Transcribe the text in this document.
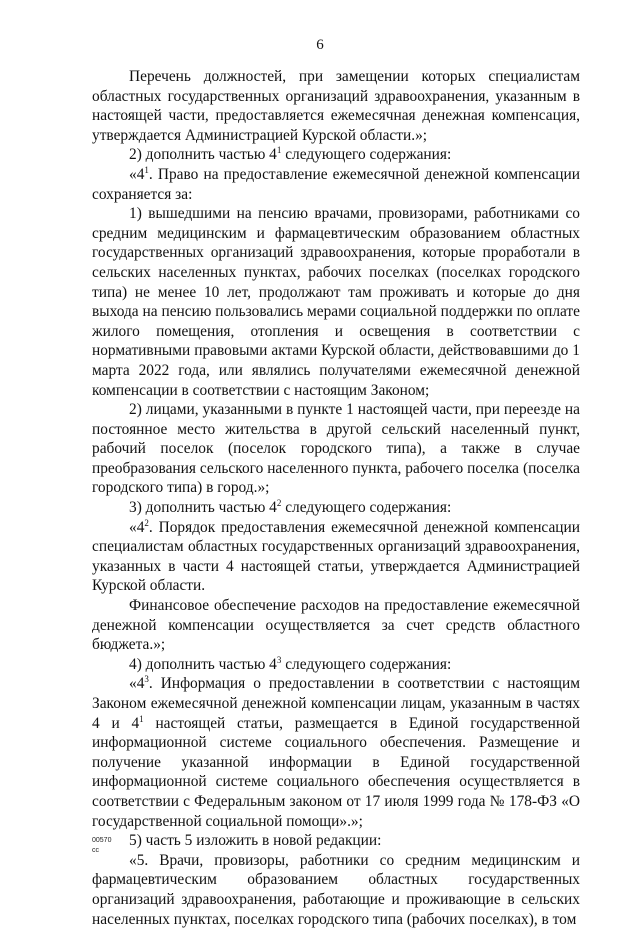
6

Перечень должностей, при замещении которых специалистам областных государственных организаций здравоохранения, указанным в настоящей части, предоставляется ежемесячная денежная компенсация, утверждается Администрацией Курской области.»;

2) дополнить частью $4^1$ следующего содержания:

«$4^1$. Право на предоставление ежемесячной денежной компенсации сохраняется за:

1) вышедшими на пенсию врачами, провизорами, работниками со средним медицинским и фармацевтическим образованием областных государственных организаций здравоохранения, которые проработали в сельских населенных пунктах, рабочих поселках (поселках городского типа) не менее 10 лет, продолжают там проживать и которые до дня выхода на пенсию пользовались мерами социальной поддержки по оплате жилого помещения, отопления и освещения в соответствии с нормативными правовыми актами Курской области, действовавшими до 1 марта 2022 года, или являлись получателями ежемесячной денежной компенсации в соответствии с настоящим Законом;

2) лицами, указанными в пункте 1 настоящей части, при переезде на постоянное место жительства в другой сельский населенный пункт, рабочий поселок (поселок городского типа), а также в случае преобразования сельского населенного пункта, рабочего поселка (поселка городского типа) в город.»;

3) дополнить частью $4^2$ следующего содержания:

«$4^2$. Порядок предоставления ежемесячной денежной компенсации специалистам областных государственных организаций здравоохранения, указанных в части 4 настоящей статьи, утверждается Администрацией Курской области.

Финансовое обеспечение расходов на предоставление ежемесячной денежной компенсации осуществляется за счет средств областного бюджета.»;

4) дополнить частью $4^3$ следующего содержания:

«$4^3$. Информация о предоставлении в соответствии с настоящим Законом ежемесячной денежной компенсации лицам, указанным в частях 4 и $4^1$ настоящей статьи, размещается в Единой государственной информационной системе социального обеспечения. Размещение и получение указанной информации в Единой государственной информационной системе социального обеспечения осуществляется в соответствии с Федеральным законом от 17 июля 1999 года № 178-ФЗ «О государственной социальной помощи».»;

5) часть 5 изложить в новой редакции:

«5. Врачи, провизоры, работники со средним медицинским и фармацевтическим образованием областных государственных организаций здравоохранения, работающие и проживающие в сельских населенных пунктах, поселках городского типа (рабочих поселках), в том

00570
сс
